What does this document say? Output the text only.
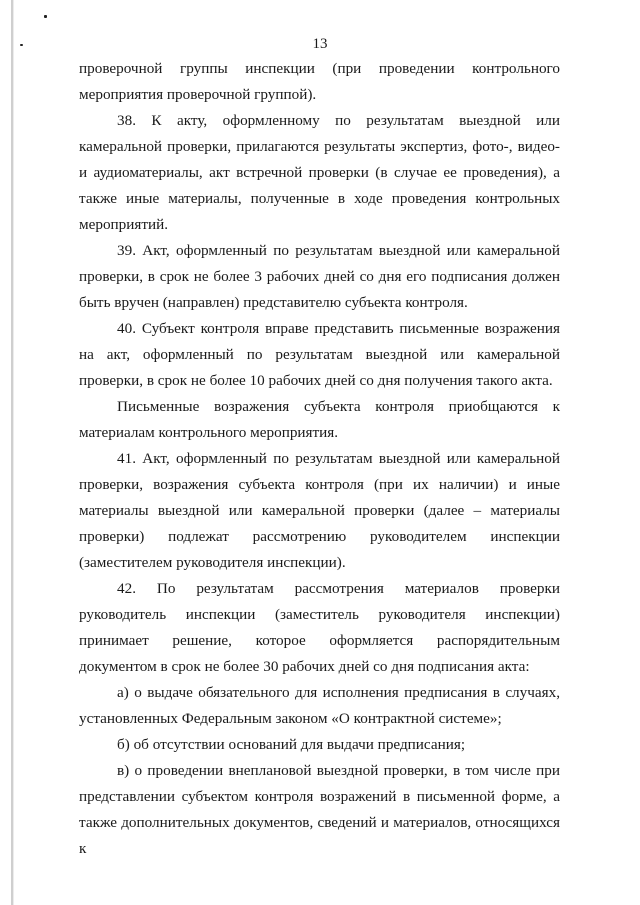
13

проверочной группы инспекции (при проведении контрольного мероприятия проверочной группой).

38. К акту, оформленному по результатам выездной или камеральной проверки, прилагаются результаты экспертиз, фото-, видео- и аудиоматериалы, акт встречной проверки (в случае ее проведения), а также иные материалы, полученные в ходе проведения контрольных мероприятий.

39. Акт, оформленный по результатам выездной или камеральной проверки, в срок не более 3 рабочих дней со дня его подписания должен быть вручен (направлен) представителю субъекта контроля.

40. Субъект контроля вправе представить письменные возражения на акт, оформленный по результатам выездной или камеральной проверки, в срок не более 10 рабочих дней со дня получения такого акта.

Письменные возражения субъекта контроля приобщаются к материалам контрольного мероприятия.

41. Акт, оформленный по результатам выездной или камеральной проверки, возражения субъекта контроля (при их наличии) и иные материалы выездной или камеральной проверки (далее – материалы проверки) подлежат рассмотрению руководителем инспекции (заместителем руководителя инспекции).

42. По результатам рассмотрения материалов проверки руководитель инспекции (заместитель руководителя инспекции) принимает решение, которое оформляется распорядительным документом в срок не более 30 рабочих дней со дня подписания акта:

а) о выдаче обязательного для исполнения предписания в случаях, установленных Федеральным законом «О контрактной системе»;

б) об отсутствии оснований для выдачи предписания;

в) о проведении внеплановой выездной проверки, в том числе при представлении субъектом контроля возражений в письменной форме, а также дополнительных документов, сведений и материалов, относящихся к
